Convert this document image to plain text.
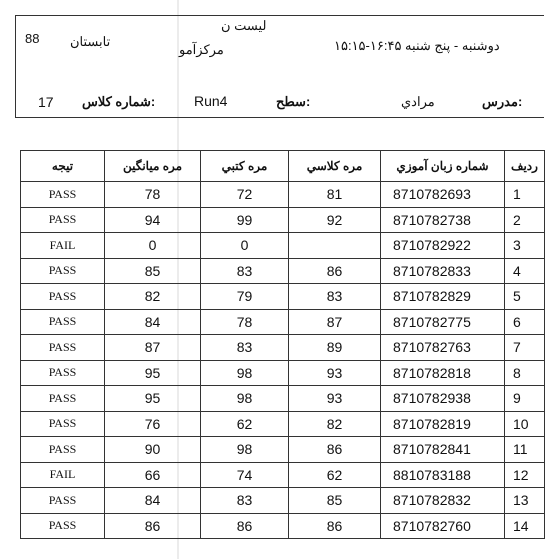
لیست ن
مرکزآمو
تابستان
88	دوشنبه - پنج شنبه ۱۶:۴۵-۱۵:۱۵
مدرس:
مرادي
سطح:
Run4
شماره كلاس:
17
ردیف	شماره زبان آموزي	مره كلاسي	مره كتبي	مره ميانگين	تيجه
1	8710782693	81	72	78	PASS
2	8710782738	92	99	94	PASS
3	8710782922		0	0	FAIL
4	8710782833	86	83	85	PASS
5	8710782829	83	79	82	PASS
6	8710782775	87	78	84	PASS
7	8710782763	89	83	87	PASS
8	8710782818	93	98	95	PASS
9	8710782938	93	98	95	PASS
10	8710782819	82	62	76	PASS
11	8710782841	86	98	90	PASS
12	8810783188	62	74	66	FAIL
13	8710782832	85	83	84	PASS
14	8710782760	86	86	86	PASS
